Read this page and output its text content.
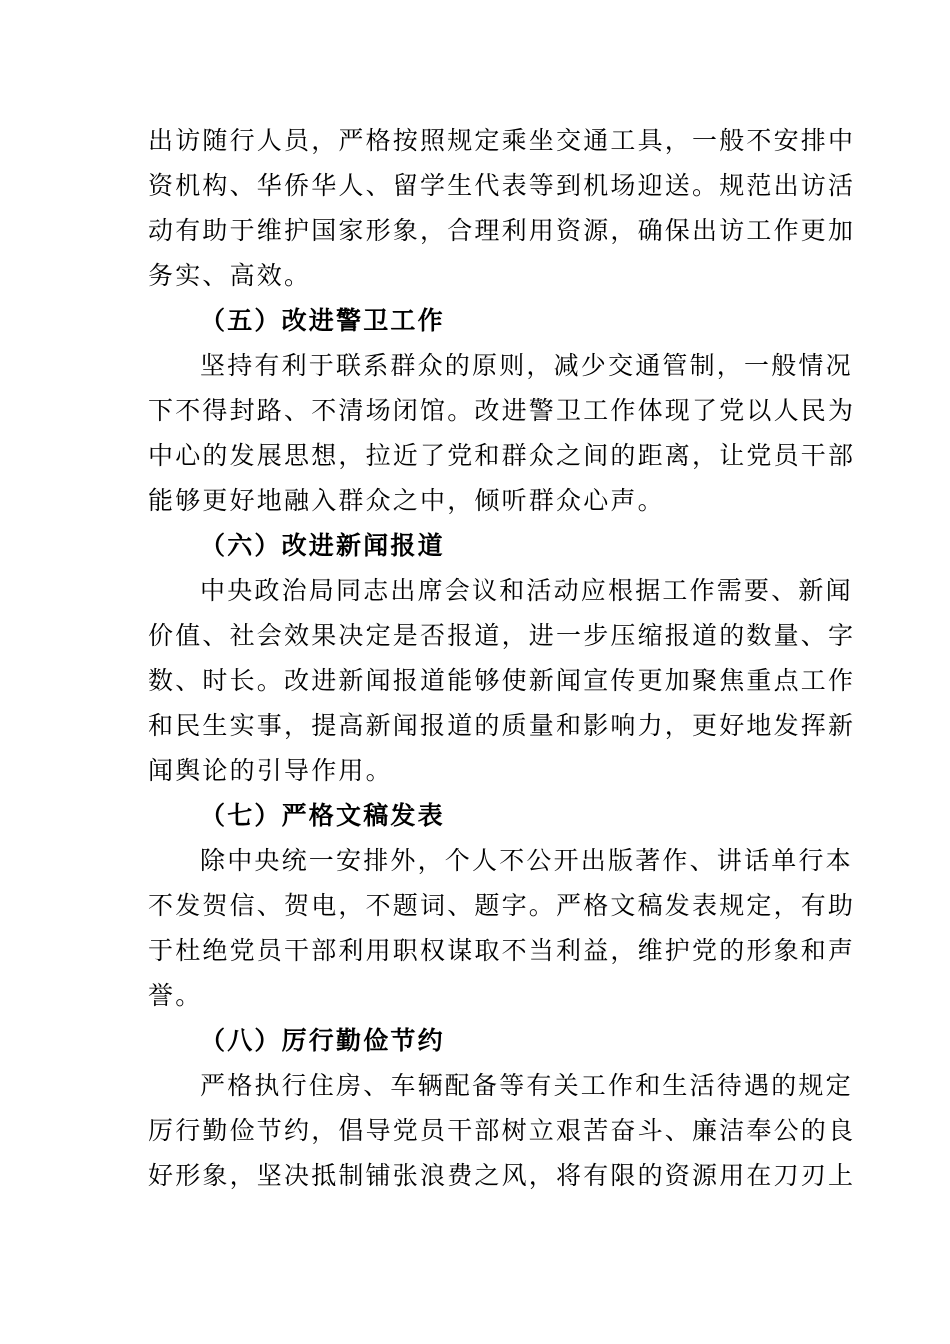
出访随行人员，严格按照规定乘坐交通工具，一般不安排中
资机构、华侨华人、留学生代表等到机场迎送。规范出访活
动有助于维护国家形象，合理利用资源，确保出访工作更加
务实、高效。

（五）改进警卫工作

坚持有利于联系群众的原则，减少交通管制，一般情况
下不得封路、不清场闭馆。改进警卫工作体现了党以人民为
中心的发展思想，拉近了党和群众之间的距离，让党员干部
能够更好地融入群众之中，倾听群众心声。

（六）改进新闻报道

中央政治局同志出席会议和活动应根据工作需要、新闻
价值、社会效果决定是否报道，进一步压缩报道的数量、字
数、时长。改进新闻报道能够使新闻宣传更加聚焦重点工作
和民生实事，提高新闻报道的质量和影响力，更好地发挥新
闻舆论的引导作用。

（七）严格文稿发表

除中央统一安排外，个人不公开出版著作、讲话单行本
不发贺信、贺电，不题词、题字。严格文稿发表规定，有助
于杜绝党员干部利用职权谋取不当利益，维护党的形象和声
誉。

（八）厉行勤俭节约

严格执行住房、车辆配备等有关工作和生活待遇的规定
厉行勤俭节约，倡导党员干部树立艰苦奋斗、廉洁奉公的良
好形象，坚决抵制铺张浪费之风，将有限的资源用在刀刃上
